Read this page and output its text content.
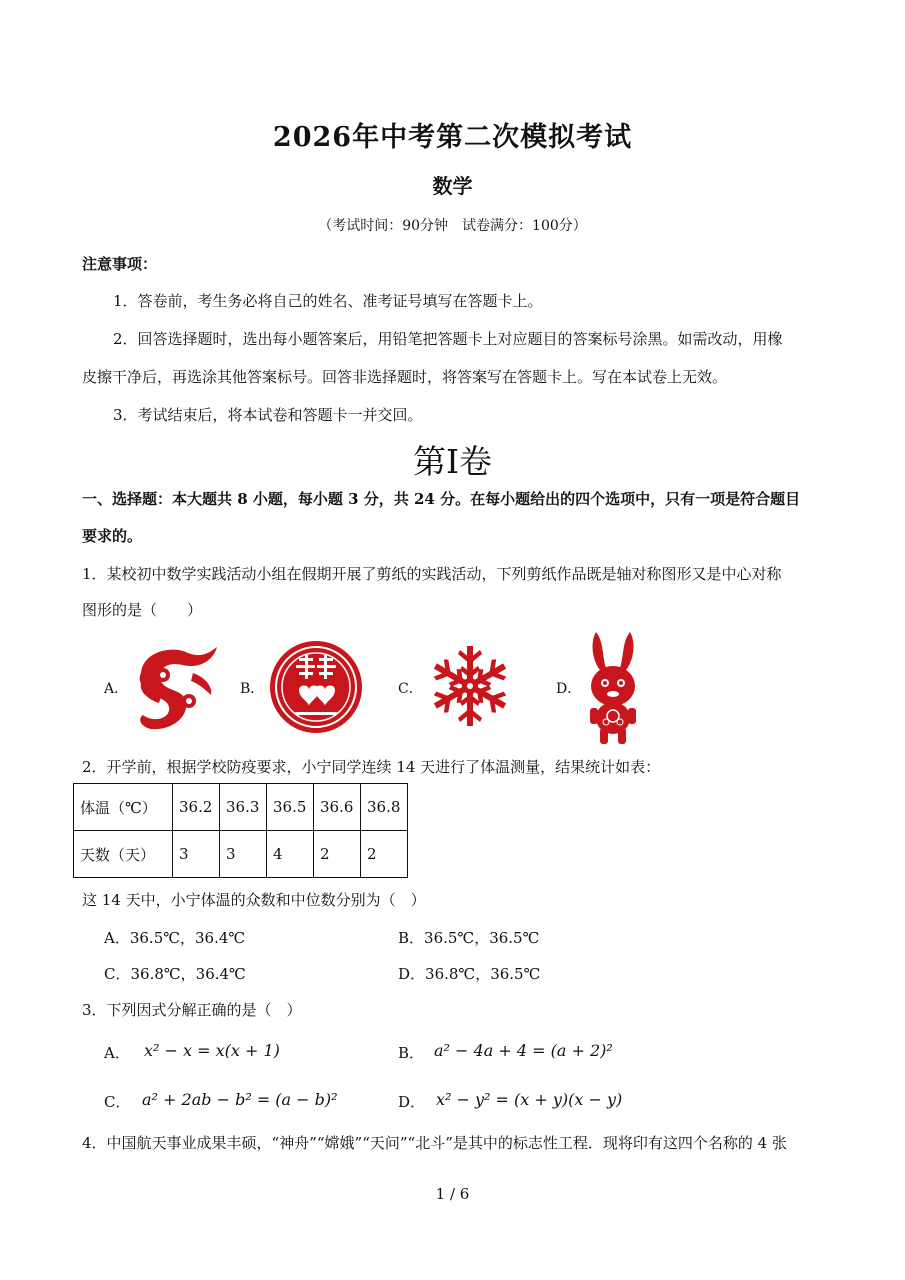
2026年中考第二次模拟考试
数学
（考试时间：90分钟　试卷满分：100分）
注意事项：
1．答卷前，考生务必将自己的姓名、准考证号填写在答题卡上。
2．回答选择题时，选出每小题答案后，用铅笔把答题卡上对应题目的答案标号涂黑。如需改动，用橡
皮擦干净后，再选涂其他答案标号。回答非选择题时，将答案写在答题卡上。写在本试卷上无效。
3．考试结束后，将本试卷和答题卡一并交回。
第Ⅰ卷
一、选择题：本大题共 8 小题，每小题 3 分，共 24 分。在每小题给出的四个选项中，只有一项是符合题目
要求的。
1．某校初中数学实践活动小组在假期开展了剪纸的实践活动，下列剪纸作品既是轴对称图形又是中心对称
图形的是（　　）
A．	B．	C．	D．
2．开学前，根据学校防疫要求，小宁同学连续 14 天进行了体温测量，结果统计如表：
体温（℃）	36.2	36.3	36.5	36.6	36.8
天数（天）	3	3	4	2	2
这 14 天中，小宁体温的众数和中位数分别为（　）
A．36.5℃，36.4℃	B．36.5℃，36.5℃
C．36.8℃，36.4℃	D．36.8℃，36.5℃
3．下列因式分解正确的是（　）
A． x² − x = x(x + 1)	B． a² − 4a + 4 = (a + 2)²
C． a² + 2ab − b² = (a − b)²	D． x² − y² = (x + y)(x − y)
4．中国航天事业成果丰硕，“神舟”“嫦娥”“天问”“北斗”是其中的标志性工程．现将印有这四个名称的 4 张
1 / 6
